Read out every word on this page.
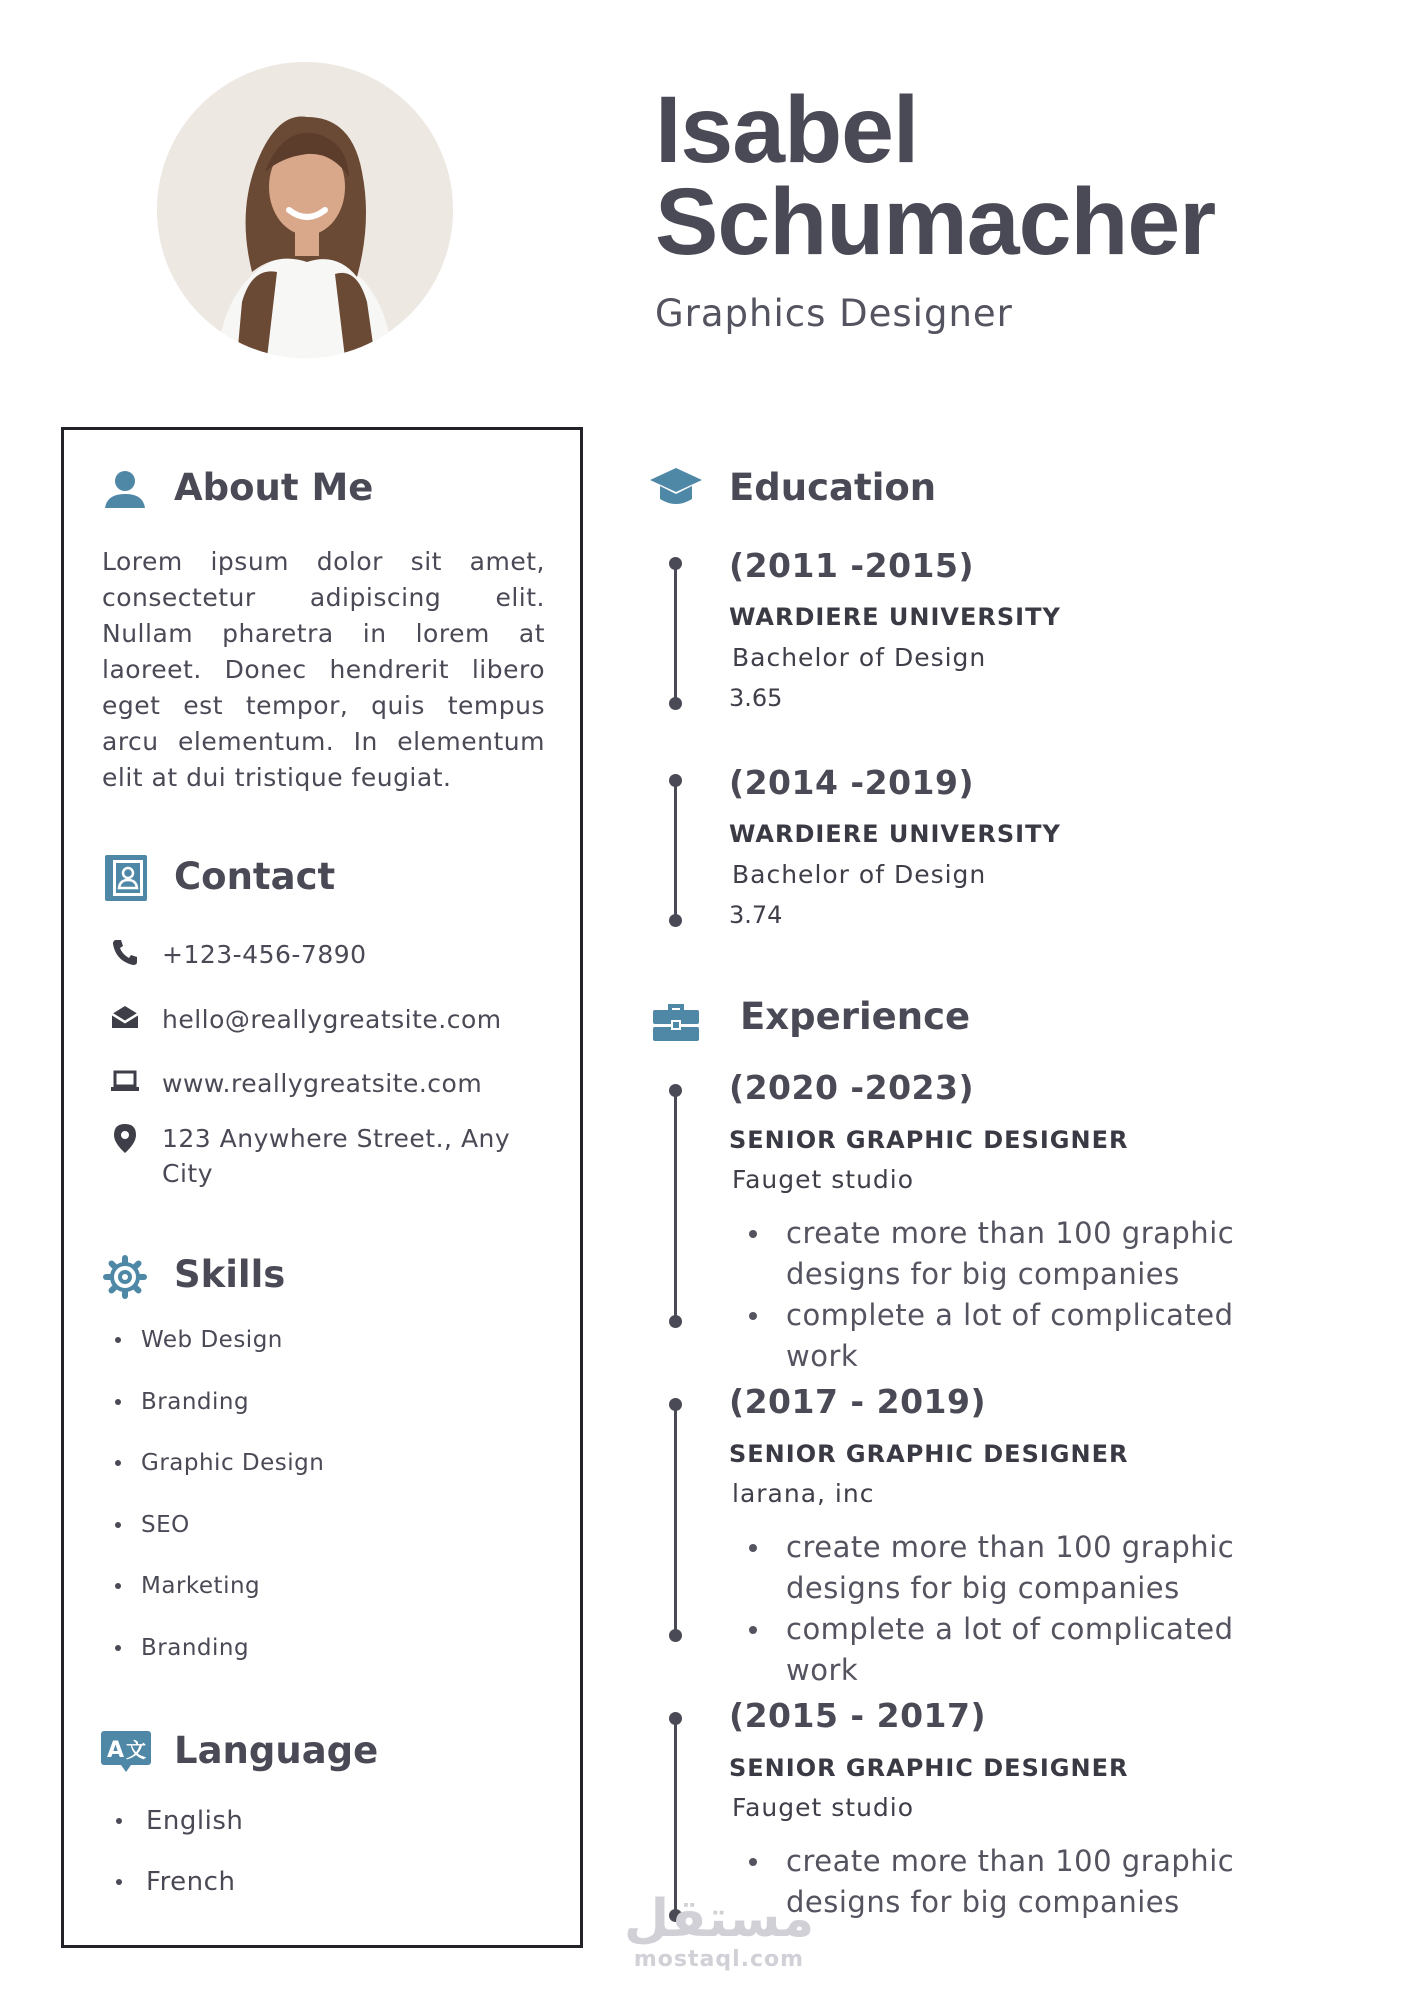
Isabel
Schumacher
Graphics Designer
About Me

Lorem ipsum dolor sit amet, consectetur adipiscing elit. Nullam pharetra in lorem at laoreet. Donec hendrerit libero eget est tempor, quis tempus arcu elementum. In elementum elit at dui tristique feugiat.

Contact
+123-456-7890
hello@reallygreatsite.com
www.reallygreatsite.com
123 Anywhere Street., Any City
Skills
Web Design
Branding
Graphic Design
SEO
Marketing
Branding
A 文 Language
English
French
Education
(2011 -2015)
WARDIERE UNIVERSITY
Bachelor of Design
3.65
(2014 -2019)
WARDIERE UNIVERSITY
Bachelor of Design
3.74
Experience
(2020 -2023)
SENIOR GRAPHIC DESIGNER
Fauget studio
create more than 100 graphic designs for big companies
complete a lot of complicated work
(2017 - 2019)
SENIOR GRAPHIC DESIGNER
larana, inc
create more than 100 graphic designs for big companies
complete a lot of complicated work
(2015 - 2017)
SENIOR GRAPHIC DESIGNER
Fauget studio
create more than 100 graphic designs for big companies
مستقل
mostaql.com
